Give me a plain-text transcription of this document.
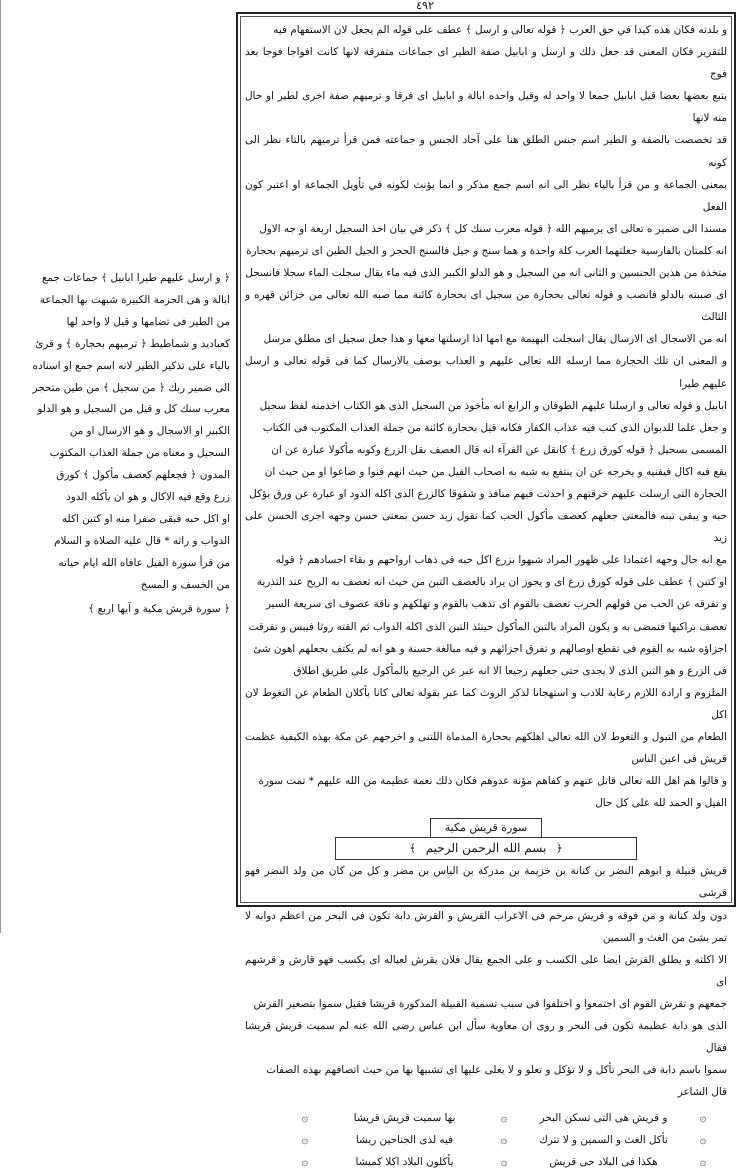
٤٩٢

و بلدته فكان هذه كيدا في حق العرب ﴿ قوله تعالى و ارسل ﴾ عطف على قوله الم يجعل لان الاستفهام فيه

للتقرير فكان المعنى قد جعل ذلك و ارسل و ابابيل صفة الطير اى جماعات متفرقة لانها كانت افواجا فوجا بعد فوج

يتبع بعضها بعضا قيل ابابيل جمعا لا واحد له وقيل واحده ابالة و ابابيل اى فرقا و ترميهم صفة اخرى لطير او حال منه لانها

قد تخصصت بالصفة و الطير اسم جنس الطلق هنا على آحاد الجنس و جماعته فمن قرأ ترميهم بالتاء نظر الى كونه

بمعنى الجماعة و من قرأ بالياء نظر الى انه اسم جمع مذكر و انما يؤنث لكونه في تأويل الجماعة او اعتبر كون الفعل

مسندا الى ضمير ه تعالى اى يرميهم الله ﴿ قوله معرب سنك كل ﴾ ذكر في بيان اخذ السجيل اربعة او جه الاول

انه كلمتان بالفارسية جعلتهما العرب كلة واحدة و هما سنج و جيل فالسنج الحجر و الجيل الطين اى ترميهم بحجارة

متخذة من هذين الجنسين و الثانى انه من السجيل و هو الدلو الكبير الذى فيه ماء يقال سجلت الماء سجلا فانسجل

اى صببته بالدلو فانصب و قوله تعالى بحجارة من سجيل اى بحجارة كائنة مما صبه الله تعالى من خزائن قهره و الثالث

انه من الاسجال اى الارسال يقال اسجلت البهيمة مع امها اذا ارسلتها معها و هذا جعل سجيل اى مطلق مرسل

و المعنى ان تلك الحجارة مما ارسله الله تعالى عليهم و العذاب يوصف بالارسال كما فى قوله تعالى و ارسل عليهم طيرا

ابابيل و قوله تعالى و ارسلنا عليهم الطوفان و الرابع انه مأخوذ من السجيل الذى هو الكتاب اخذمنه لفظ سجيل

و جعل علما للديوان الذى كتب فيه عذاب الكفار فكانه قيل بحجارة كائنة من جملة العذاب المكتوب فى الكتاب

المسمى بسجيل ﴿ قوله كورق زرع ﴾ كانقل عن الفرآء انه قال العصف بقل الزرع وكونه مأكولا عبارة عن ان

يقع فيه اكال فيفنيه و يخرجه عن ان ينتفع به شبه به اصحاب الفيل من حيث انهم فنوا و ضاعوا او من حيث ان

الحجارة التى ارسلت عليهم خرقتهم و احدثت فيهم منافذ و شقوقا كالزرع الذى اكله الدود او عبارة عن ورق يؤكل

حبه و يبقى تبنه فالمعنى جعلهم كعصف مأكول الحب كما تقول زيد حسن بمعنى حسن وجهه اجرى الحسن على زيد

مع انه حال وجهه اعتمادا على ظهور المراد شبهوا بزرع اكل حبه فى ذهاب ارواحهم و بقاء اجسادهم ﴿ قوله

او كتبن ﴾ عطف على قوله كورق زرع اى و يجوز ان يراد بالعصف التبن من حيث انه تعصف به الريح عند التذرية

و تفرقه عن الحب من قولهم الحرب تعصف بالقوم اى تذهب بالقوم و تهلكهم و ناقة عصوف اى سريعة السير

تعصف براكبها فتمضى به و يكون المراد بالتبن المأكول حينئذ التبن الذى اكله الدواب ثم القته روثا فيبس و تفرقت

اجزاؤه شبه به القوم فى تقطع اوصالهم و تفرق اجزائهم و فيه مبالغة حسنة و هو انه لم يكتف بجعلهم اهون شئ

فى الزرع و هو التبن الذى لا يجدى حتى جعلهم رجيعا الا انه عبر عن الرجيع بالمأكول على طريق اطلاق

الملزوم و ارادة اللازم رعاية للادب و استهجانا لذكر الروث كما عبر بقوله تعالى كانا يأكلان الطعام عن التغوط لان اكل

الطعام من التبول و التغوط لان الله تعالى اهلكهم بحجارة المدماة اللتنى و اخرجهم عن مكة بهذه الكيفية عظمت قريش فى اعين الناس

و قالوا هم اهل الله تعالى قاتل عنهم و كفاهم مؤنة عدوهم فكان ذلك نعمة عظيمة من الله عليهم * تمت سورة

الفيل و الحمد لله على كل حال

سورة قريش مكية
﴿ بسم الله الرحمن الرحيم ﴾

قريش قبيلة و ابوهم النضر بن كنانة بن خزيمة بن مدركة بن الياس بن مضر و كل من كان من ولد النضر فهو قرشى

دون ولد كنانة و من فوقه و قريش مرخم فى الاعراب القريش و القرش دابة تكون فى البحر من اعظم دوابه لا تمر بشئ من الغث و السمين

الا اكلته و يطلق القرش ايضا على الكسب و على الجمع يقال فلان يقرش لعياله اى يكسب فهو قارش و قرشهم اى

جمعهم و تقرش القوم اى اجتمعوا و اختلفوا فى سبب تسمية القبيلة المذكورة قريشا فقيل سموا بتصغير القرش

الذى هو دابة عظيمة تكون فى البحر و روى ان معاوية سأل ابن عباس رضى الله عنه لم سميت قريش قريشا فقال

سموا باسم دابة فى البحر تأكل و لا تؤكل و تعلو و لا يعلى عليها اى تشبيها بها من حيث اتصافهم بهذه الصفات

قال الشاعر

۞
و قريش هى التى تسكن البحر
۞
بها سميت قريش قريشا
۞
۞
تأكل الغث و السمين و لا تترك
۞
فيه لذى الجناحين ريشا
۞
۞
هكذا فى البلاد حى قريش
۞
يأكلون البلاد اكلا كميشا
۞

﴿ و ارسل عليهم طيرا ابابيل ﴾ جماعات جمع

ابالة و هى الحزمة الكبيرة شبهت بها الجماعة

من الطير فى تضامها و قيل لا واحد لها

كعباديد و شماطيط ﴿ ترميهم بحجارة ﴾ و قرئ

بالياء على تذكير الطير لانه اسم جمع او اسناده

الى ضمير ربك ﴿ من سجيل ﴾ من طين متحجر

معرب سنك كل و قيل من السجيل و هو الدلو

الكبير او الاسجال و هو الارسال او من

السجيل و معناه من جملة العذاب المكتوب

المدون ﴿ فجعلهم كعصف مأكول ﴾ كورق

زرع وقع فيه الاكال و هو ان يأكله الدود

او اكل حبه فبقى صفرا منه او كتبن اكله

الدواب و راثه * قال عليه الصلاة و السلام

من قرأ سورة الفيل عافاه الله ايام حياته

من الخسف و المسخ

﴿ سورة قريش مكية و آيها اربع ﴾
